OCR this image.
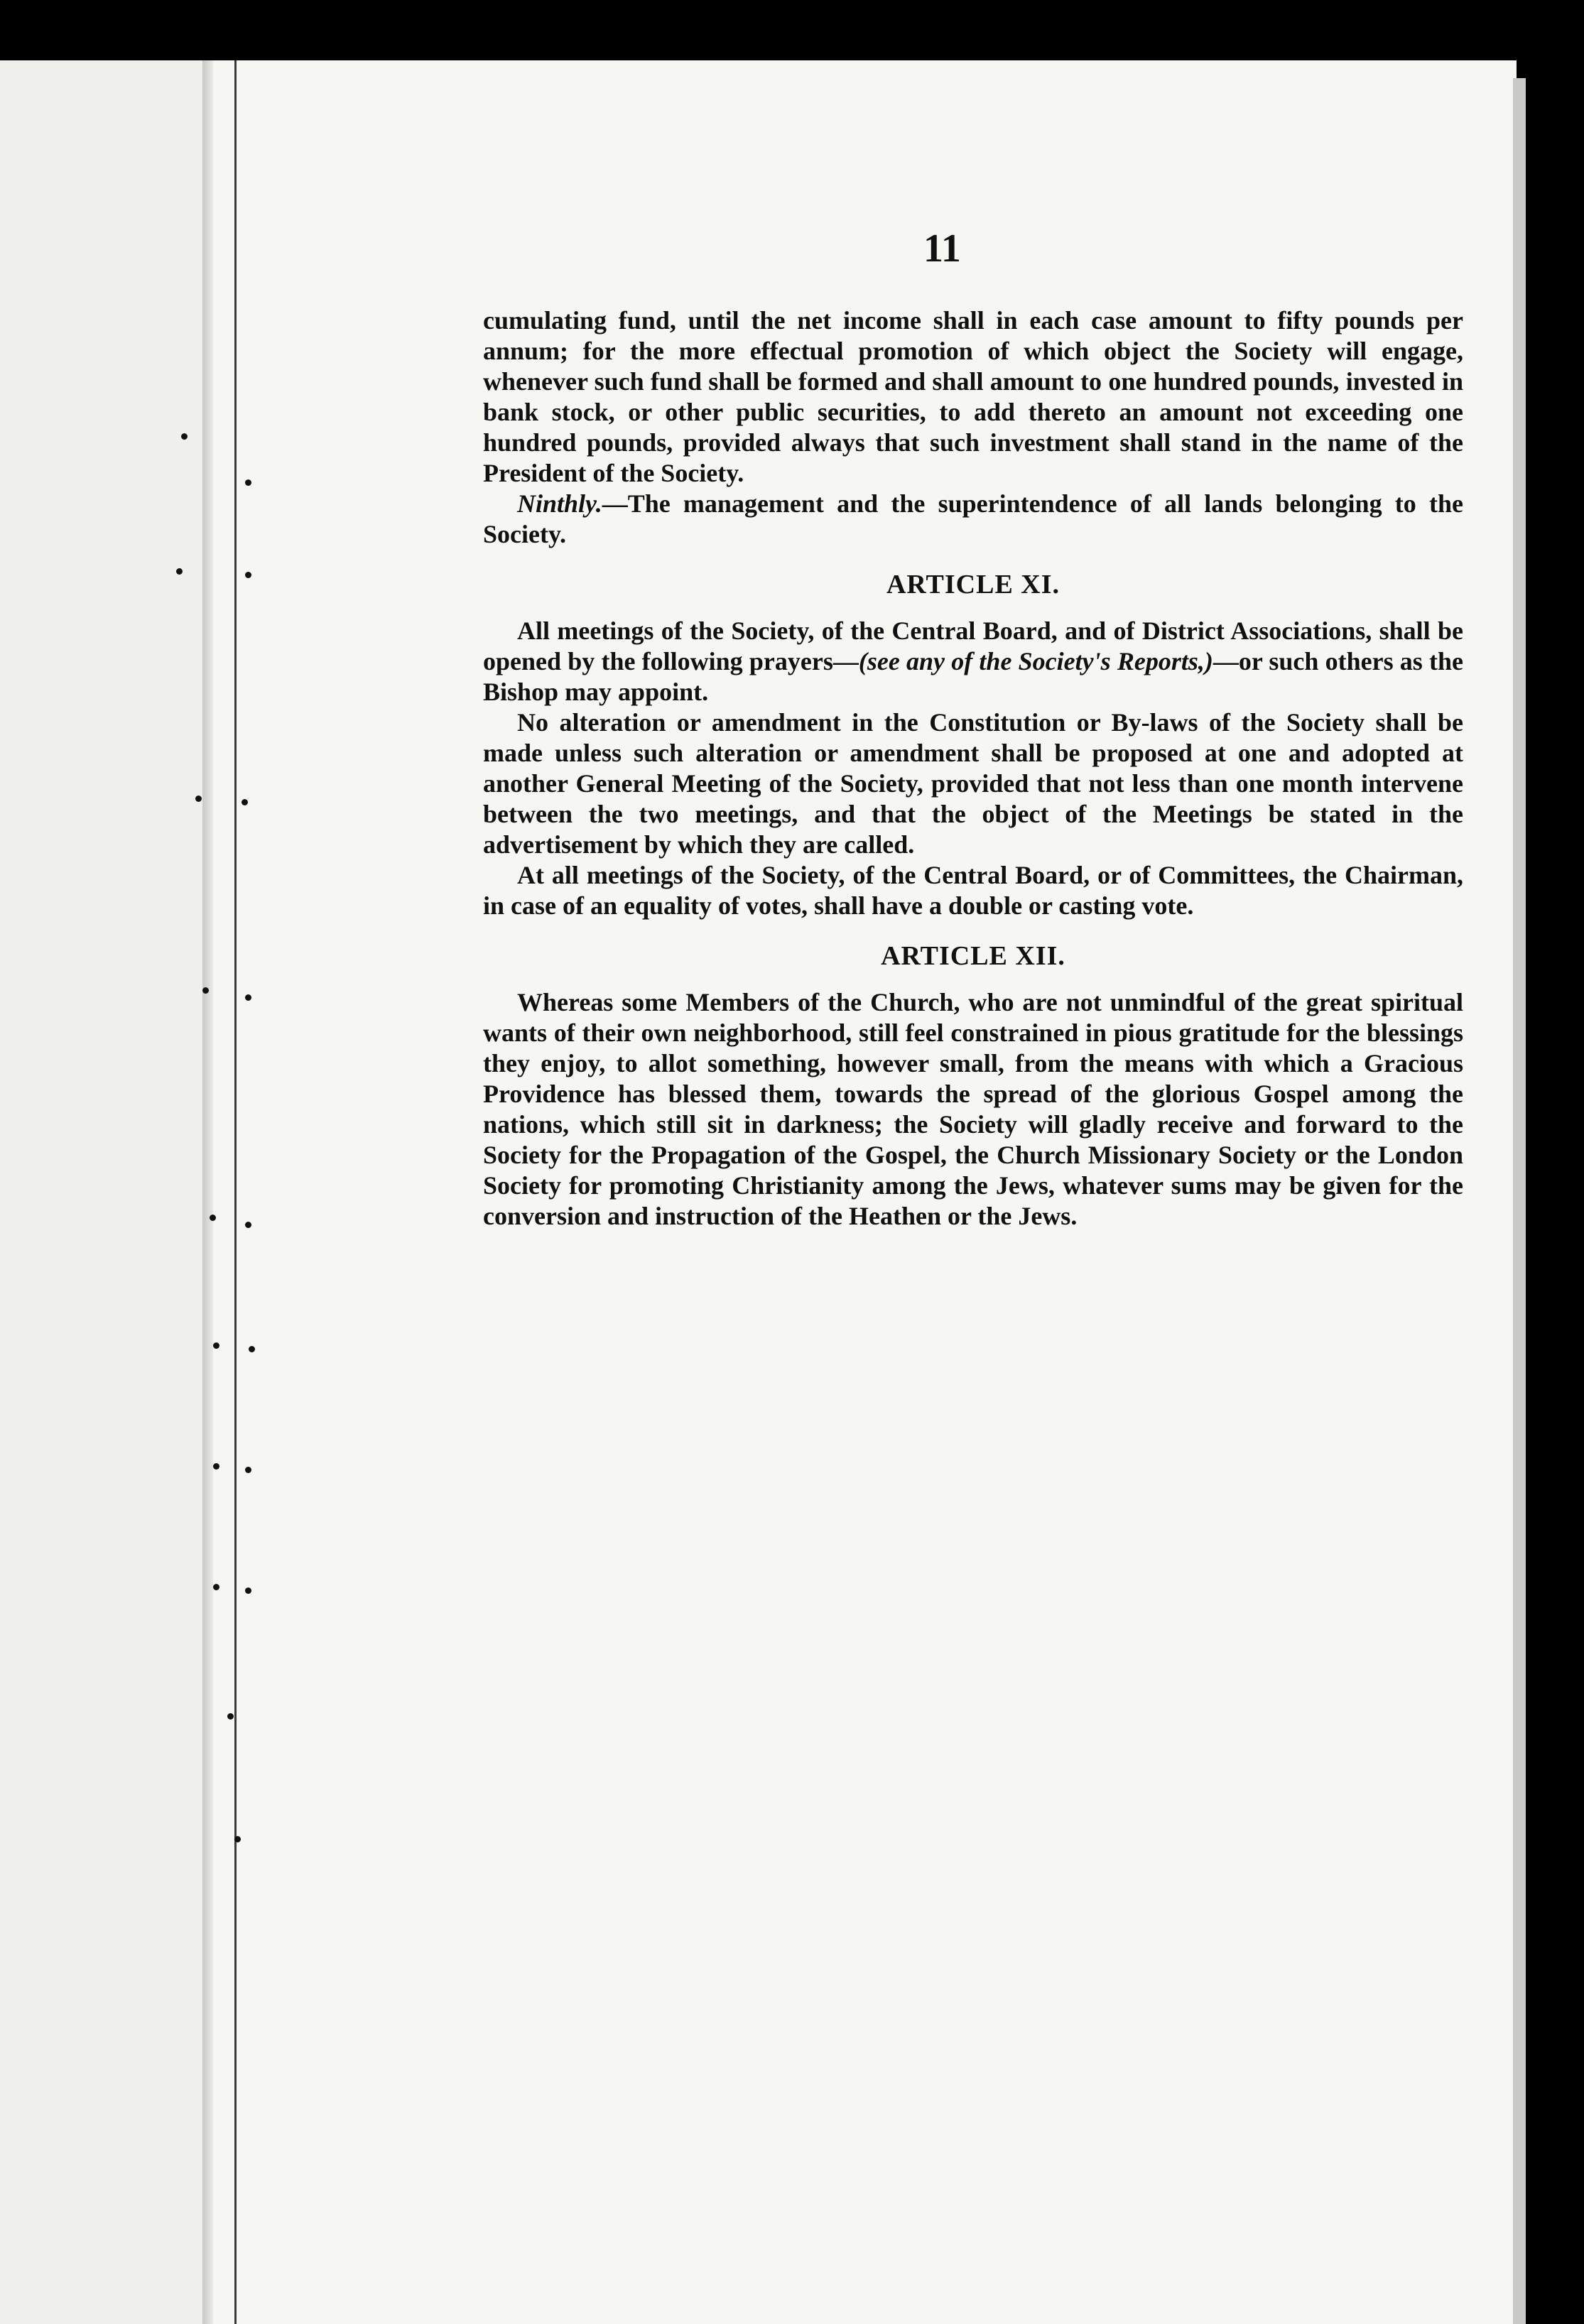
11

cumulating fund, until the net income shall in each case amount to fifty pounds per annum; for the more effectual promotion of which object the Society will engage, whenever such fund shall be formed and shall amount to one hundred pounds, invested in bank stock, or other public securities, to add thereto an amount not exceeding one hundred pounds, provided always that such investment shall stand in the name of the President of the Society.

Ninthly.—The management and the superintendence of all lands belonging to the Society.

ARTICLE XI.

All meetings of the Society, of the Central Board, and of District Associations, shall be opened by the following prayers—(see any of the Society's Reports,)—or such others as the Bishop may appoint.

No alteration or amendment in the Constitution or By-laws of the Society shall be made unless such alteration or amendment shall be proposed at one and adopted at another General Meeting of the Society, provided that not less than one month intervene between the two meetings, and that the object of the Meetings be stated in the advertisement by which they are called.

At all meetings of the Society, of the Central Board, or of Committees, the Chairman, in case of an equality of votes, shall have a double or casting vote.

ARTICLE XII.

Whereas some Members of the Church, who are not unmindful of the great spiritual wants of their own neighborhood, still feel constrained in pious gratitude for the blessings they enjoy, to allot something, however small, from the means with which a Gracious Providence has blessed them, towards the spread of the glorious Gospel among the nations, which still sit in darkness; the Society will gladly receive and forward to the Society for the Propagation of the Gospel, the Church Missionary Society or the London Society for promoting Christianity among the Jews, whatever sums may be given for the conversion and instruction of the Heathen or the Jews.
